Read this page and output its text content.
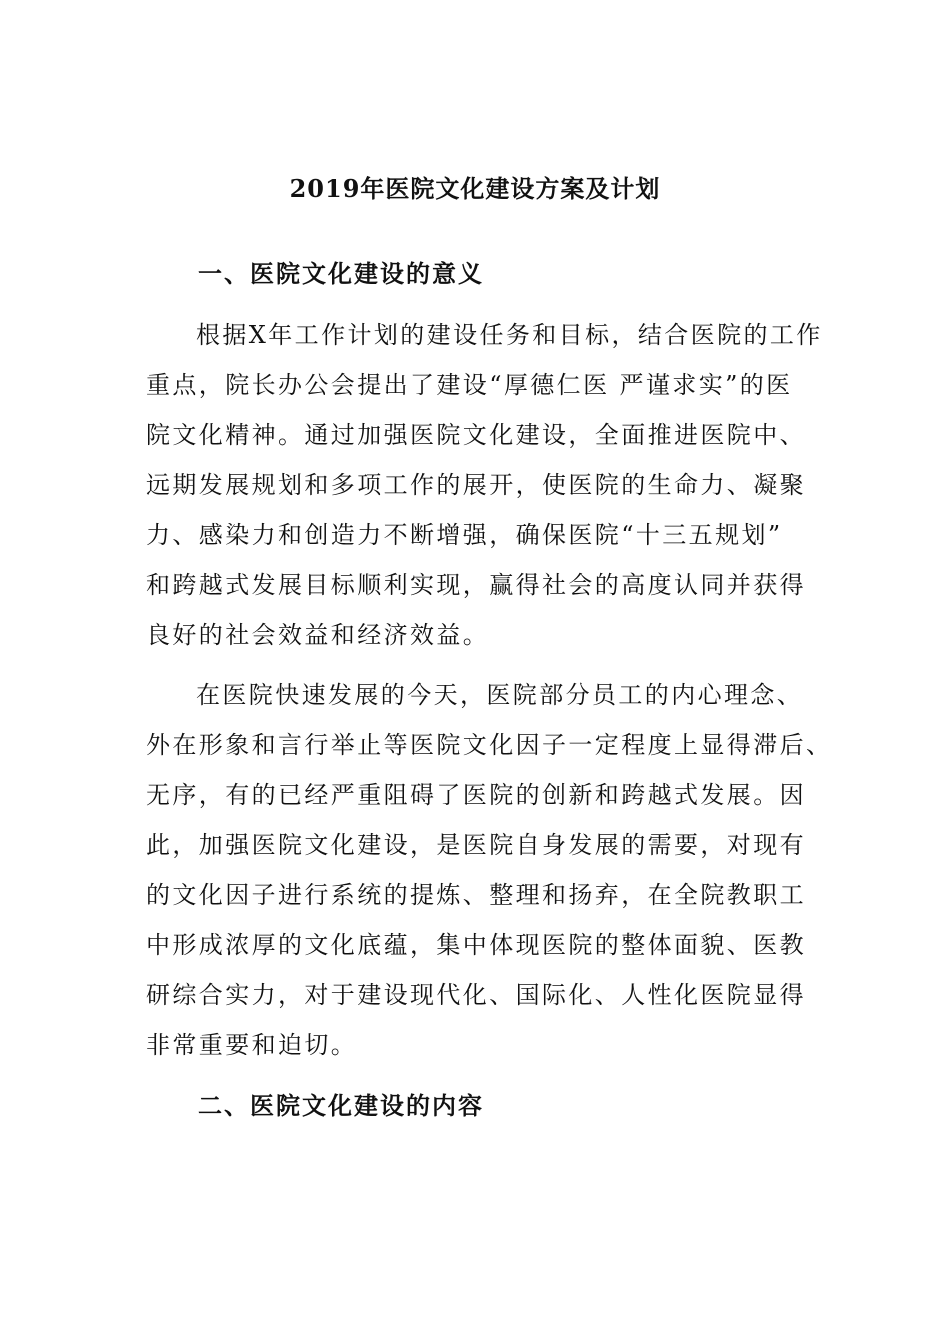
2019年医院文化建设方案及计划
一、医院文化建设的意义
根据X年工作计划的建设任务和目标，结合医院的工作
重点，院长办公会提出了建设“厚德仁医 严谨求实”的医
院文化精神。通过加强医院文化建设，全面推进医院中、
远期发展规划和多项工作的展开，使医院的生命力、凝聚
力、感染力和创造力不断增强，确保医院“十三五规划”
和跨越式发展目标顺利实现，赢得社会的高度认同并获得
良好的社会效益和经济效益。
在医院快速发展的今天，医院部分员工的内心理念、
外在形象和言行举止等医院文化因子一定程度上显得滞后、
无序，有的已经严重阻碍了医院的创新和跨越式发展。因
此，加强医院文化建设，是医院自身发展的需要，对现有
的文化因子进行系统的提炼、整理和扬弃，在全院教职工
中形成浓厚的文化底蕴，集中体现医院的整体面貌、医教
研综合实力，对于建设现代化、国际化、人性化医院显得
非常重要和迫切。
二、医院文化建设的内容
